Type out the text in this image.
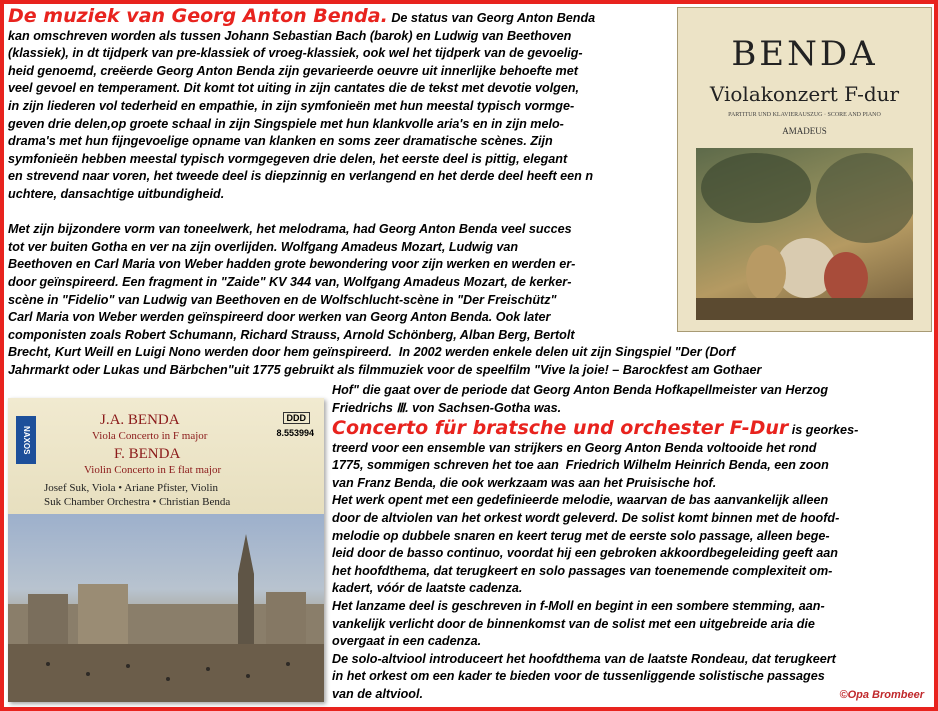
De muziek van Georg Anton Benda. De status van Georg Anton Benda
kan omschreven worden als tussen Johann Sebastian Bach (barok) en Ludwig van Beethoven
(klassiek), in dt tijdperk van pre-klassiek of vroeg-klassiek, ook wel het tijdperk van de gevoelig-
heid genoemd, creëerde Georg Anton Benda zijn gevarieerde oeuvre uit innerlijke behoefte met
veel gevoel en temperament. Dit komt tot uiting in zijn cantates die de tekst met devotie volgen,
in zijn liederen vol tederheid en empathie, in zijn symfonieën met hun meestal typisch vormge-
geven drie delen,op groete schaal in zijn Singspiele met hun klankvolle aria's en in zijn melo-
drama's met hun fijngevoelige opname van klanken en soms zeer dramatische scènes. Zijn
symfonieën hebben meestal typisch vormgegeven drie delen, het eerste deel is pittig, elegant
en strevend naar voren, het tweede deel is diepzinnig en verlangend en het derde deel heeft een n
uchtere, dansachtige uitbundigheid.

Met zijn bijzondere vorm van toneelwerk, het melodrama, had Georg Anton Benda veel succes
tot ver buiten Gotha en ver na zijn overlijden. Wolfgang Amadeus Mozart, Ludwig van
Beethoven en Carl Maria von Weber hadden grote bewondering voor zijn werken en werden er-
door geïnspireerd. Een fragment in "Zaide" KV 344 van, Wolfgang Amadeus Mozart, de kerker-
scène in "Fidelio" van Ludwig van Beethoven en de Wolfschlucht-scène in "Der Freischütz"
Carl Maria von Weber werden geïnspireerd door werken van Georg Anton Benda. Ook later
componisten zoals Robert Schumann, Richard Strauss, Arnold Schönberg, Alban Berg, Bertolt
Brecht, Kurt Weill en Luigi Nono werden door hem geïnspireerd.  In 2002 werden enkele delen uit zijn Singspiel "Der (Dorf
Jahrmarkt oder Lukas und Bärbchen"uit 1775 gebruikt als filmmuziek voor de speelfilm "Vive la joie! – Barockfest am Gothaer
Hof" die gaat over de periode dat Georg Anton Benda Hofkapellmeister van Herzog
Friedrichs Ⅲ. von Sachsen-Gotha was.
Concerto für bratsche und orchester F-Dur is georkes-
treerd voor een ensemble van strijkers en Georg Anton Benda voltooide het rond
1775, sommigen schreven het toe aan  Friedrich Wilhelm Heinrich Benda, een zoon
van Franz Benda, die ook werkzaam was aan het Pruisische hof.
Het werk opent met een gedefinieerde melodie, waarvan de bas aanvankelijk alleen
door de altviolen van het orkest wordt geleverd. De solist komt binnen met de hoofd-
melodie op dubbele snaren en keert terug met de eerste solo passage, alleen bege-
leid door de basso continuo, voordat hij een gebroken akkoordbegeleiding geeft aan
het hoofdthema, dat terugkeert en solo passages van toenemende complexiteit om-
kadert, vóór de laatste cadenza.
Het lanzame deel is geschreven in f-Moll en begint in een sombere stemming, aan-
vankelijk verlicht door de binnenkomst van de solist met een uitgebreide aria die
overgaat in een cadenza.
De solo-altviool introduceert het hoofdthema van de laatste Rondeau, dat terugkeert
in het orkest om een kader te bieden voor de tussenliggende solistische passages
van de altviool.	©Opa Brombeer
BENDA
Violakonzert F-dur
PARTITUR UND KLAVIERAUSZUG · SCORE AND PIANO
AMADEUS
NAXOS
DDD
8.553994
J.A. BENDA
Viola Concerto in F major
F. BENDA
Violin Concerto in E flat major
Josef Suk, Viola • Ariane Pfister, Violin
Suk Chamber Orchestra • Christian Benda
